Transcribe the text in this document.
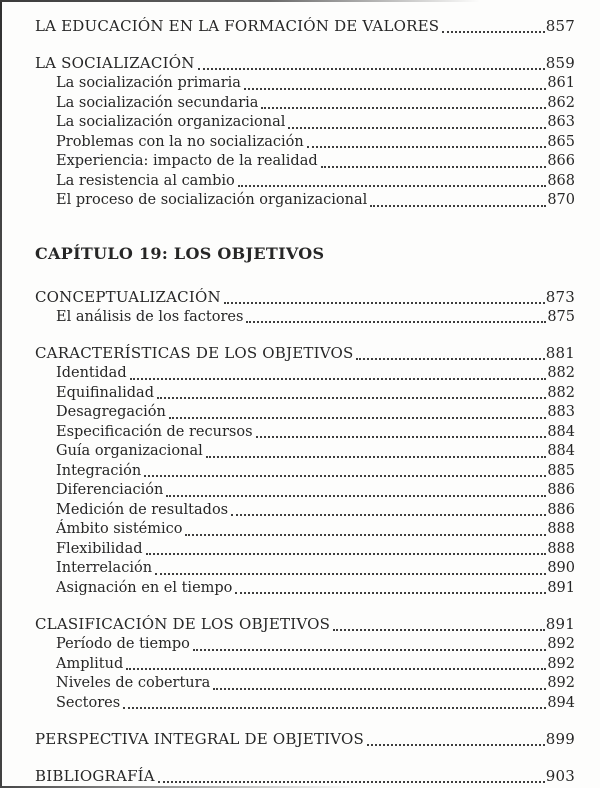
LA EDUCACIÓN EN LA FORMACIÓN DE VALORES	857
LA SOCIALIZACIÓN	859
La socialización primaria	861
La socialización secundaria	862
La socialización organizacional	863
Problemas con la no socialización	865
Experiencia: impacto de la realidad	866
La resistencia al cambio	868
El proceso de socialización organizacional	870
CAPÍTULO 19: LOS OBJETIVOS
CONCEPTUALIZACIÓN	873
El análisis de los factores	875
CARACTERÍSTICAS DE LOS OBJETIVOS	881
Identidad	882
Equifinalidad	882
Desagregación	883
Especificación de recursos	884
Guía organizacional	884
Integración	885
Diferenciación	886
Medición de resultados	886
Ámbito sistémico	888
Flexibilidad	888
Interrelación	890
Asignación en el tiempo	891
CLASIFICACIÓN DE LOS OBJETIVOS	891
Período de tiempo	892
Amplitud	892
Niveles de cobertura	892
Sectores	894
PERSPECTIVA INTEGRAL DE OBJETIVOS	899
BIBLIOGRAFÍA	903
